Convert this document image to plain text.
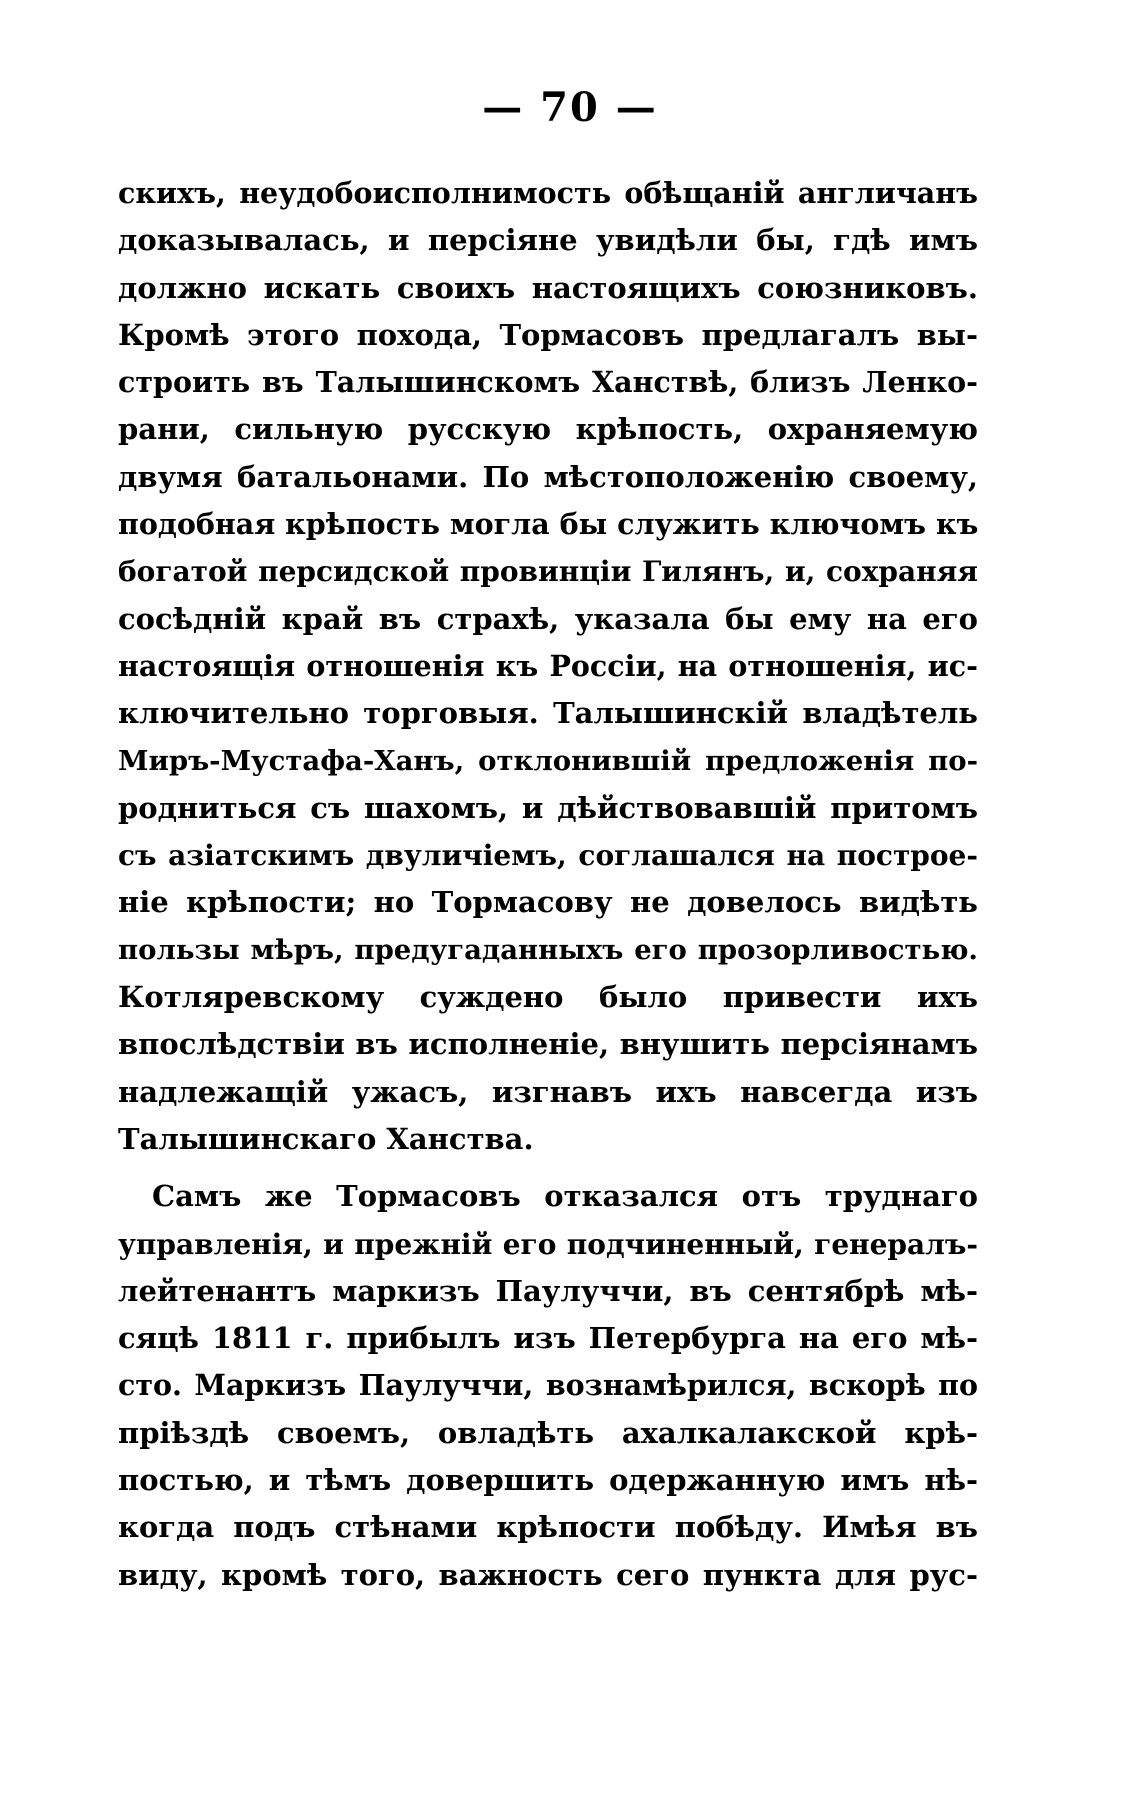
— 70 —
скихъ, неудобоисполнимость обѣщаній англичанъ
доказывалась, и персіяне увидѣли бы, гдѣ имъ
должно искать своихъ настоящихъ союзниковъ.
Кромѣ этого похода, Тормасовъ предлагалъ вы-
строить въ Талышинскомъ Ханствѣ, близъ Ленко-
рани, сильную русскую крѣпость, охраняемую
двумя батальонами. По мѣстоположенію своему,
подобная крѣпость могла бы служить ключомъ къ
богатой персидской провинціи Гилянъ, и, сохраняя
сосѣдній край въ страхѣ, указала бы ему на его
настоящія отношенія къ Россіи, на отношенія, ис-
ключительно торговыя. Талышинскій владѣтель
Миръ-Мустафа-Ханъ, отклонившій предложенія по-
родниться съ шахомъ, и дѣйствовавшій притомъ
съ азіатскимъ двуличіемъ, соглашался на построе-
ніе крѣпости; но Тормасову не довелось видѣть
пользы мѣръ, предугаданныхъ его прозорливостью.
Котляревскому суждено было привести ихъ
впослѣдствіи въ исполненіе, внушить персіянамъ
надлежащій ужасъ, изгнавъ ихъ навсегда изъ
Талышинскаго Ханства.
Самъ же Тормасовъ отказался отъ труднаго
управленія, и прежній его подчиненный, генералъ-
лейтенантъ маркизъ Паулуччи, въ сентябрѣ мѣ-
сяцѣ 1811 г. прибылъ изъ Петербурга на его мѣ-
сто. Маркизъ Паулуччи, вознамѣрился, вскорѣ по
пріѣздѣ своемъ, овладѣть ахалкалакской крѣ-
постью, и тѣмъ довершить одержанную имъ нѣ-
когда подъ стѣнами крѣпости побѣду. Имѣя въ
виду, кромѣ того, важность сего пункта для рус-
